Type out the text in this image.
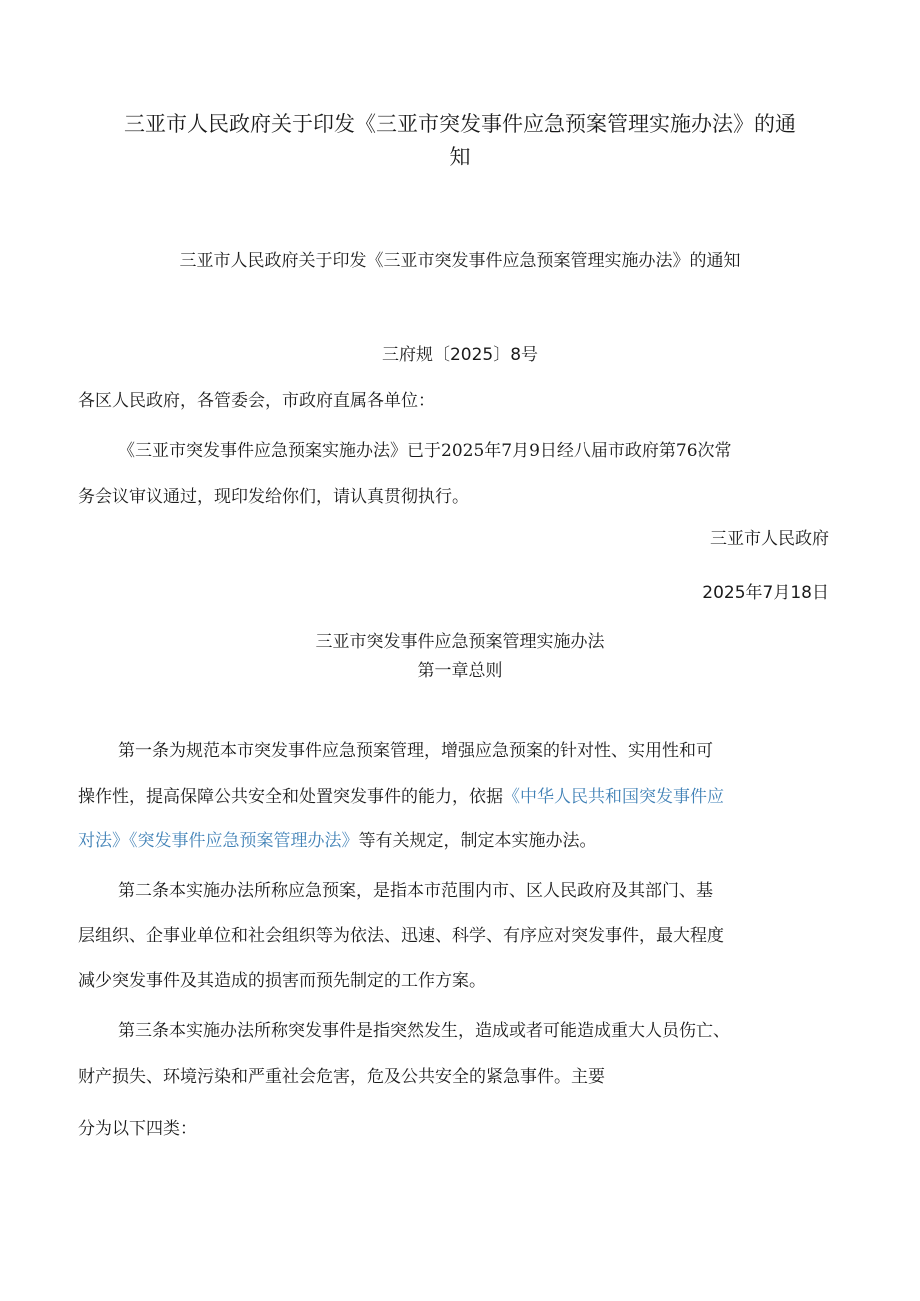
三亚市人民政府关于印发《三亚市突发事件应急预案管理实施办法》的通
知
三亚市人民政府关于印发《三亚市突发事件应急预案管理实施办法》的通知
三府规〔2025〕8号
各区人民政府，各管委会，市政府直属各单位：
《三亚市突发事件应急预案实施办法》已于2025年7月9日经八届市政府第76次常
务会议审议通过，现印发给你们，请认真贯彻执行。
三亚市人民政府
2025年7月18日
三亚市突发事件应急预案管理实施办法
第一章总则
第一条为规范本市突发事件应急预案管理，增强应急预案的针对性、实用性和可
操作性，提高保障公共安全和处置突发事件的能力，依据《中华人民共和国突发事件应
对法》《突发事件应急预案管理办法》等有关规定，制定本实施办法。
第二条本实施办法所称应急预案，是指本市范围内市、区人民政府及其部门、基
层组织、企事业单位和社会组织等为依法、迅速、科学、有序应对突发事件，最大程度
减少突发事件及其造成的损害而预先制定的工作方案。
第三条本实施办法所称突发事件是指突然发生，造成或者可能造成重大人员伤亡、
财产损失、环境污染和严重社会危害，危及公共安全的紧急事件。主要
分为以下四类：
